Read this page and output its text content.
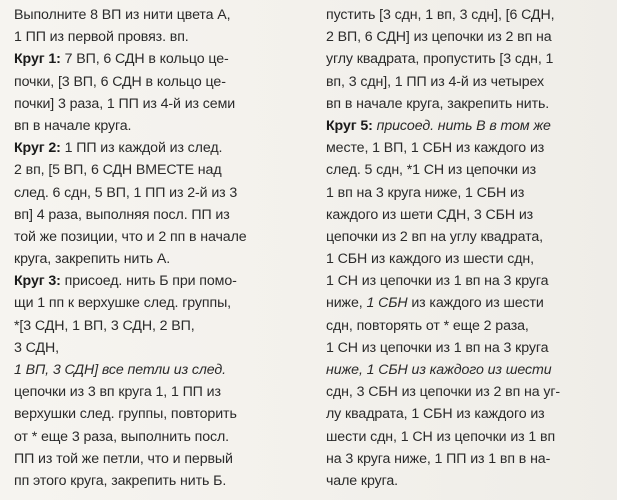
Выполните 8 ВП из нити цвета А,
1 ПП из первой провяз. вп.
Круг 1: 7 ВП, 6 СДН в кольцо це-
почки, [3 ВП, 6 СДН в кольцо це-
почки] 3 раза, 1 ПП из 4-й из семи
вп в начале круга.
Круг 2: 1 ПП из каждой из след.
2 вп, [5 ВП, 6 СДН ВМЕСТЕ над
след. 6 сдн, 5 ВП, 1 ПП из 2-й из 3
вп] 4 раза, выполняя посл. ПП из
той же позиции, что и 2 пп в начале
круга, закрепить нить А.
Круг 3: присоед. нить Б при помо-
щи 1 пп к верхушке след. группы,
*[3 СДН, 1 ВП, 3 СДН, 2 ВП,
3 СДН,
1 ВП, 3 СДН] все петли из след.
цепочки из 3 вп круга 1, 1 ПП из
верхушки след. группы, повторить
от * еще 3 раза, выполнить посл.
ПП из той же петли, что и первый
пп этого круга, закрепить нить Б.
пустить [3 сдн, 1 вп, 3 сдн], [6 СДН,
2 ВП, 6 СДН] из цепочки из 2 вп на
углу квадрата, пропустить [3 сдн, 1
вп, 3 сдн], 1 ПП из 4-й из четырех
вп в начале круга, закрепить нить.
Круг 5: присоед. нить В в том же
месте, 1 ВП, 1 СБН из каждого из
след. 5 сдн, *1 СН из цепочки из
1 вп на 3 круга ниже, 1 СБН из
каждого из шети СДН, 3 СБН из
цепочки из 2 вп на углу квадрата,
1 СБН из каждого из шести сдн,
1 СН из цепочки из 1 вп на 3 круга
ниже, 1 СБН из каждого из шести
сдн, повторять от * еще 2 раза,
1 СН из цепочки из 1 вп на 3 круга
ниже, 1 СБН из каждого из шести
сдн, 3 СБН из цепочки из 2 вп на уг-
лу квадрата, 1 СБН из каждого из
шести сдн, 1 СН из цепочки из 1 вп
на 3 круга ниже, 1 ПП из 1 вп в на-
чале круга.
